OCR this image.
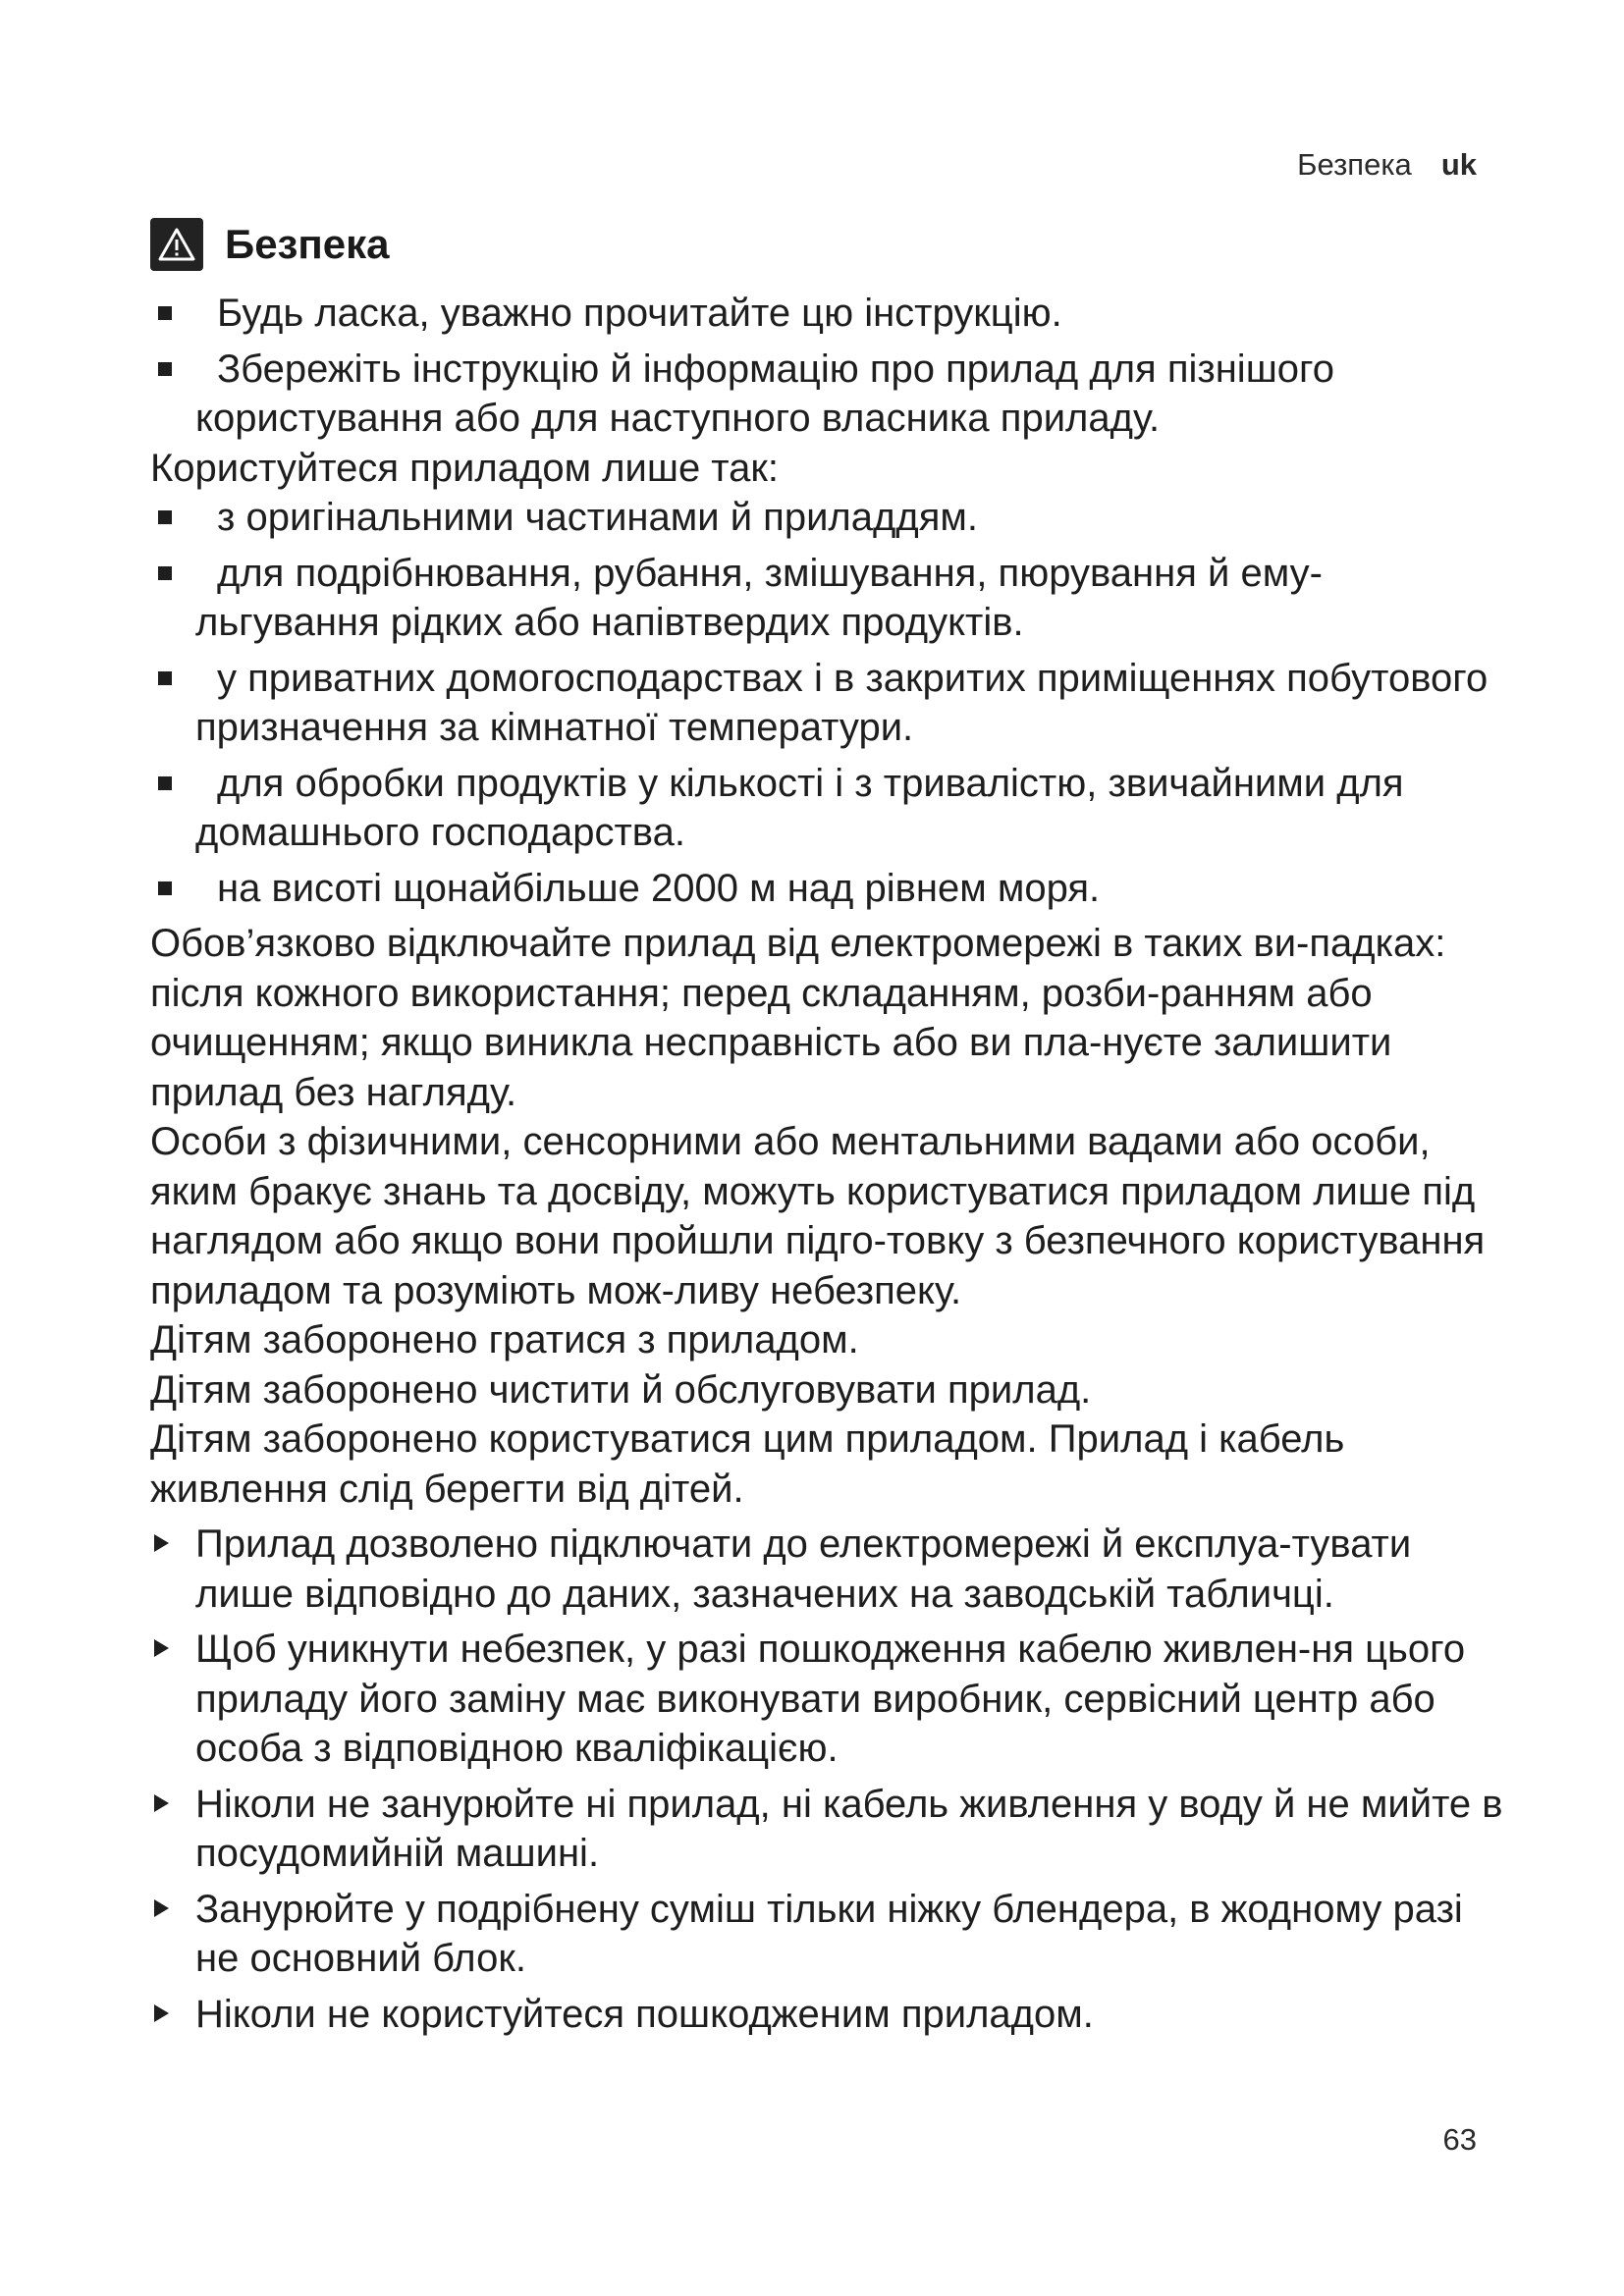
Безпека uk
Безпека
Будь ласка, уважно прочитайте цю інструкцію.
Збережіть інструкцію й інформацію про прилад для пізнішого користування або для наступного власника приладу.
Користуйтеся приладом лише так:
з оригінальними частинами й приладдям.
для подрібнювання, рубання, змішування, пюрування й ему-льгування рідких або напівтвердих продуктів.
у приватних домогосподарствах і в закритих приміщеннях побутового призначення за кімнатної температури.
для обробки продуктів у кількості і з тривалістю, звичайними для домашнього господарства.
на висоті щонайбільше 2000 м над рівнем моря.
Обов’язково відключайте прилад від електромережі в таких ви-падках: після кожного використання; перед складанням, розби-ранням або очищенням; якщо виникла несправність або ви пла-нуєте залишити прилад без нагляду.
Особи з фізичними, сенсорними або ментальними вадами або особи, яким бракує знань та досвіду, можуть користуватися приладом лише під наглядом або якщо вони пройшли підго-товку з безпечного користування приладом та розуміють мож-ливу небезпеку.
Дітям заборонено гратися з приладом.
Дітям заборонено чистити й обслуговувати прилад.
Дітям заборонено користуватися цим приладом. Прилад і кабель живлення слід берегти від дітей.
Прилад дозволено підключати до електромережі й експлуа-тувати лише відповідно до даних, зазначених на заводській табличці.
Щоб уникнути небезпек, у разі пошкодження кабелю живлен-ня цього приладу його заміну має виконувати виробник, сервісний центр або особа з відповідною кваліфікацією.
Ніколи не занурюйте ні прилад, ні кабель живлення у воду й не мийте в посудомийній машині.
Занурюйте у подрібнену суміш тільки ніжку блендера, в жодному разі не основний блок.
Ніколи не користуйтеся пошкодженим приладом.
63
